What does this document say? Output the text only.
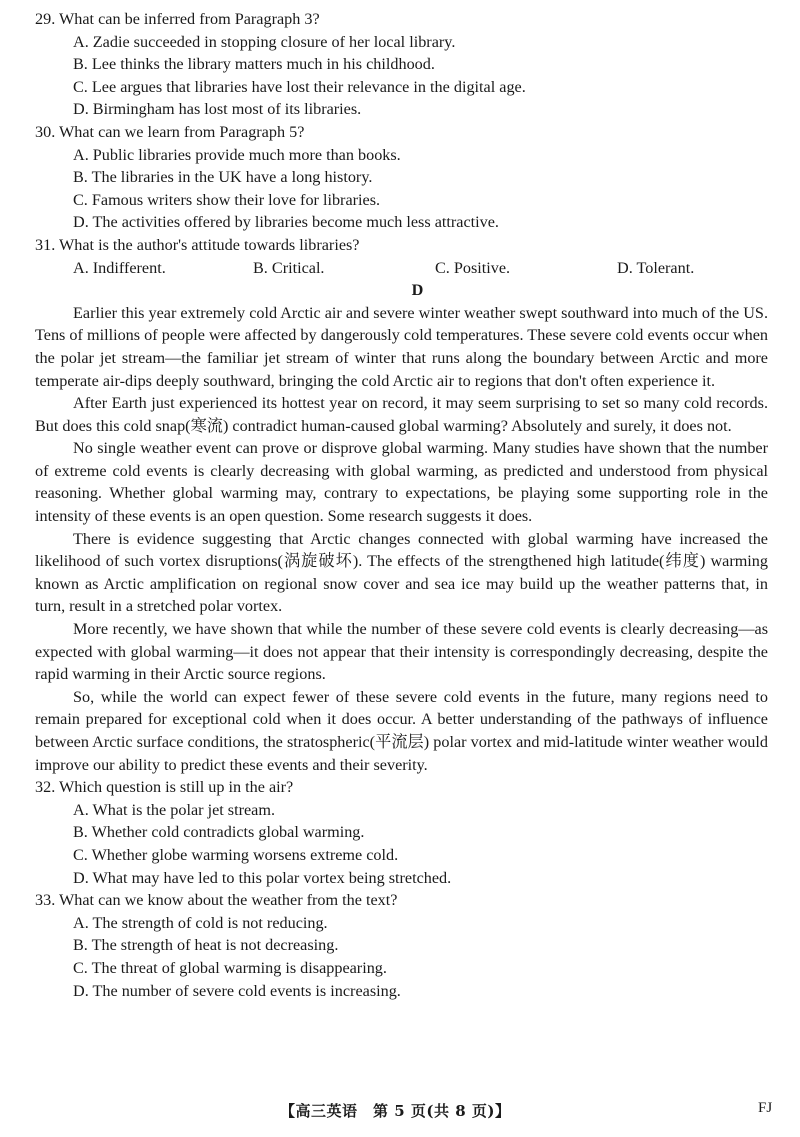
29. What can be inferred from Paragraph 3?
A. Zadie succeeded in stopping closure of her local library.
B. Lee thinks the library matters much in his childhood.
C. Lee argues that libraries have lost their relevance in the digital age.
D. Birmingham has lost most of its libraries.
30. What can we learn from Paragraph 5?
A. Public libraries provide much more than books.
B. The libraries in the UK have a long history.
C. Famous writers show their love for libraries.
D. The activities offered by libraries become much less attractive.
31. What is the author's attitude towards libraries?
A. Indifferent.	B. Critical.	C. Positive.	D. Tolerant.
D

Earlier this year extremely cold Arctic air and severe winter weather swept southward into much of the US. Tens of millions of people were affected by dangerously cold temperatures. These severe cold events occur when the polar jet stream—the familiar jet stream of winter that runs along the boundary between Arctic and more temperate air-dips deeply southward, bringing the cold Arctic air to regions that don't often experience it.

After Earth just experienced its hottest year on record, it may seem surprising to set so many cold records. But does this cold snap(寒流) contradict human-caused global warming? Absolutely and surely, it does not.

No single weather event can prove or disprove global warming. Many studies have shown that the number of extreme cold events is clearly decreasing with global warming, as predicted and understood from physical reasoning. Whether global warming may, contrary to expectations, be playing some supporting role in the intensity of these events is an open question. Some research suggests it does.

There is evidence suggesting that Arctic changes connected with global warming have increased the likelihood of such vortex disruptions(涡旋破坏). The effects of the strengthened high latitude(纬度) warming known as Arctic amplification on regional snow cover and sea ice may build up the weather patterns that, in turn, result in a stretched polar vortex.

More recently, we have shown that while the number of these severe cold events is clearly decreasing—as expected with global warming—it does not appear that their intensity is correspondingly decreasing, despite the rapid warming in their Arctic source regions.

So, while the world can expect fewer of these severe cold events in the future, many regions need to remain prepared for exceptional cold when it does occur. A better understanding of the pathways of influence between Arctic surface conditions, the stratospheric(平流层) polar vortex and mid-latitude winter weather would improve our ability to predict these events and their severity.

32. Which question is still up in the air?
A. What is the polar jet stream.
B. Whether cold contradicts global warming.
C. Whether globe warming worsens extreme cold.
D. What may have led to this polar vortex being stretched.
33. What can we know about the weather from the text?
A. The strength of cold is not reducing.
B. The strength of heat is not decreasing.
C. The threat of global warming is disappearing.
D. The number of severe cold events is increasing.
【高三英语　第 5 页(共 8 页)】	FJ
